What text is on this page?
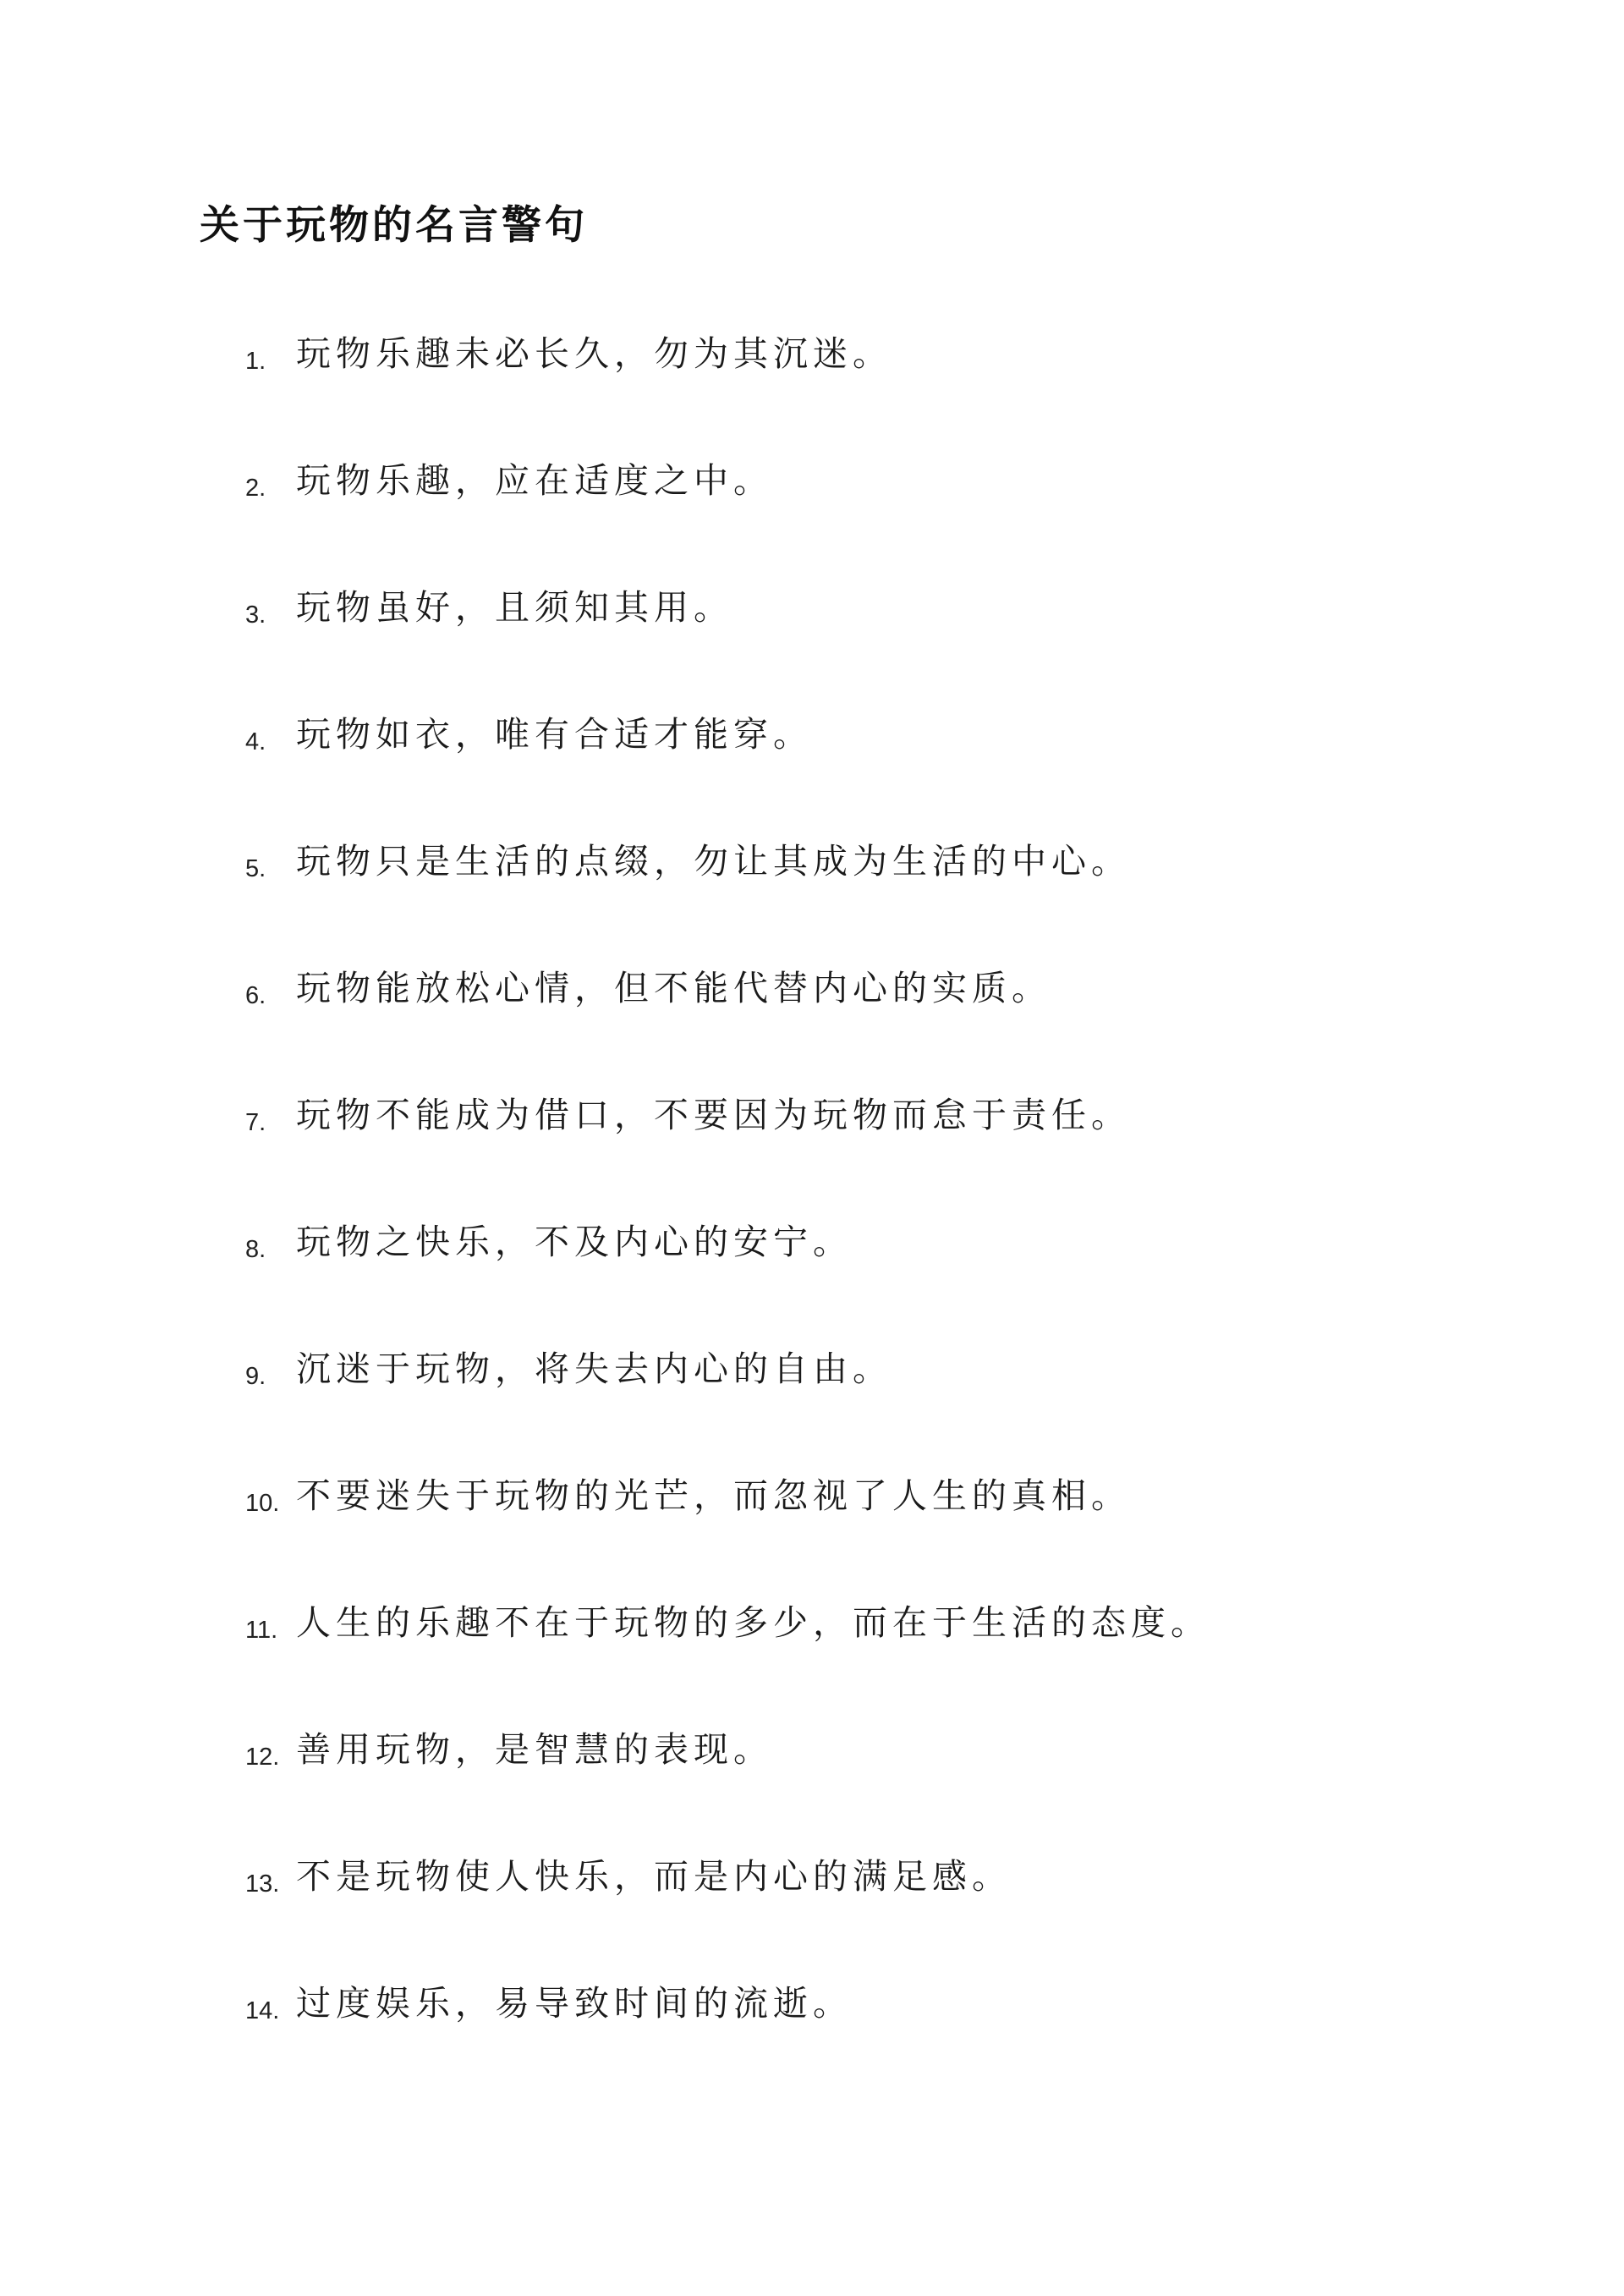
关于玩物的名言警句
1. 玩物乐趣未必长久，勿为其沉迷。
2. 玩物乐趣，应在适度之中。
3. 玩物虽好，且须知其用。
4. 玩物如衣，唯有合适才能穿。
5. 玩物只是生活的点缀，勿让其成为生活的中心。
6. 玩物能放松心情，但不能代替内心的实质。
7. 玩物不能成为借口，不要因为玩物而怠于责任。
8. 玩物之快乐，不及内心的安宁。
9. 沉迷于玩物，将失去内心的自由。
10. 不要迷失于玩物的光芒，而忽视了人生的真相。
11. 人生的乐趣不在于玩物的多少，而在于生活的态度。
12. 善用玩物，是智慧的表现。
13. 不是玩物使人快乐，而是内心的满足感。
14. 过度娱乐，易导致时间的流逝。
